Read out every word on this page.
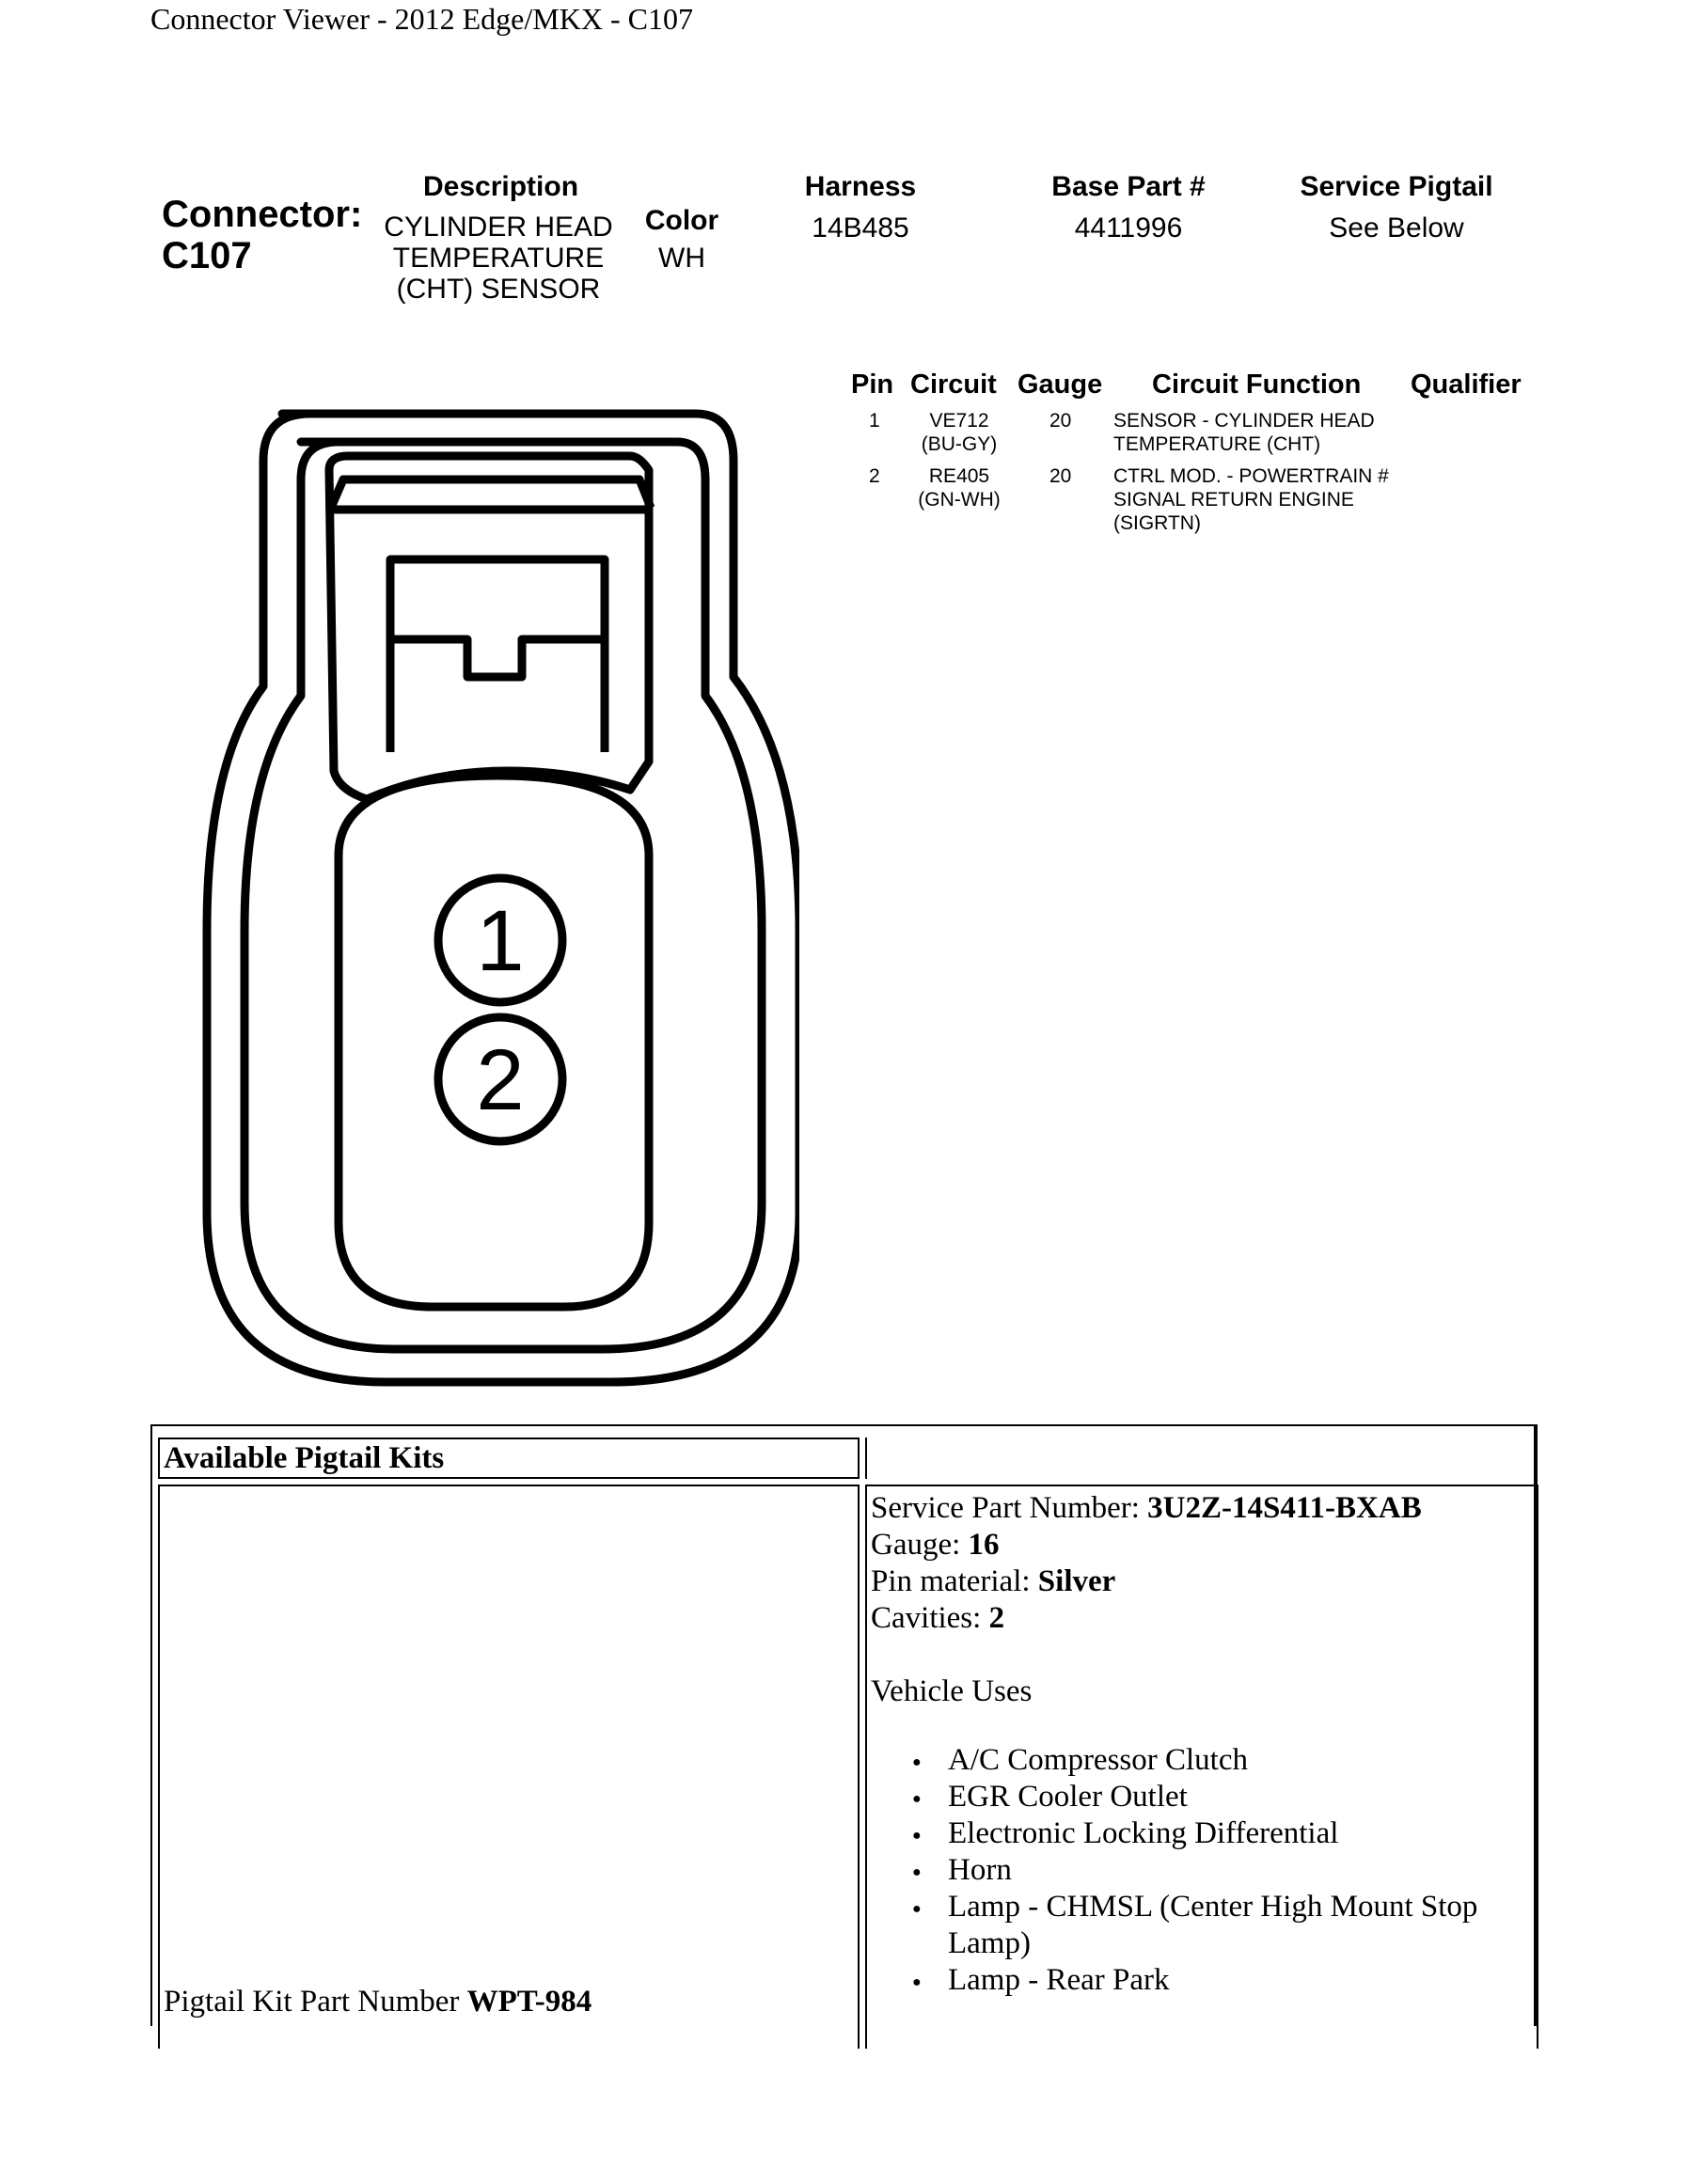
Connector Viewer - 2012 Edge/MKX - C107
Connector:
C107
Description
CYLINDER HEAD
TEMPERATURE
(CHT) SENSOR
Color
WH
Harness
14B485
Base Part #
4411996
Service Pigtail
See Below
Pin Circuit Gauge Circuit Function Qualifier
1	VE712
(BU-GY)
20 SENSOR - CYLINDER HEAD
TEMPERATURE (CHT)
2	RE405
(GN-WH)
20 CTRL MOD. - POWERTRAIN #
SIGNAL RETURN ENGINE
(SIGRTN)
1
2
Available Pigtail Kits
Pigtail Kit Part Number WPT-984
Service Part Number: 3U2Z-14S411-BXAB
Gauge: 16
Pin material: Silver
Cavities: 2
Vehicle Uses
● A/C Compressor Clutch
● EGR Cooler Outlet
● Electronic Locking Differential
● Horn
● Lamp - CHMSL (Center High Mount Stop Lamp)
● Lamp - Rear Park
